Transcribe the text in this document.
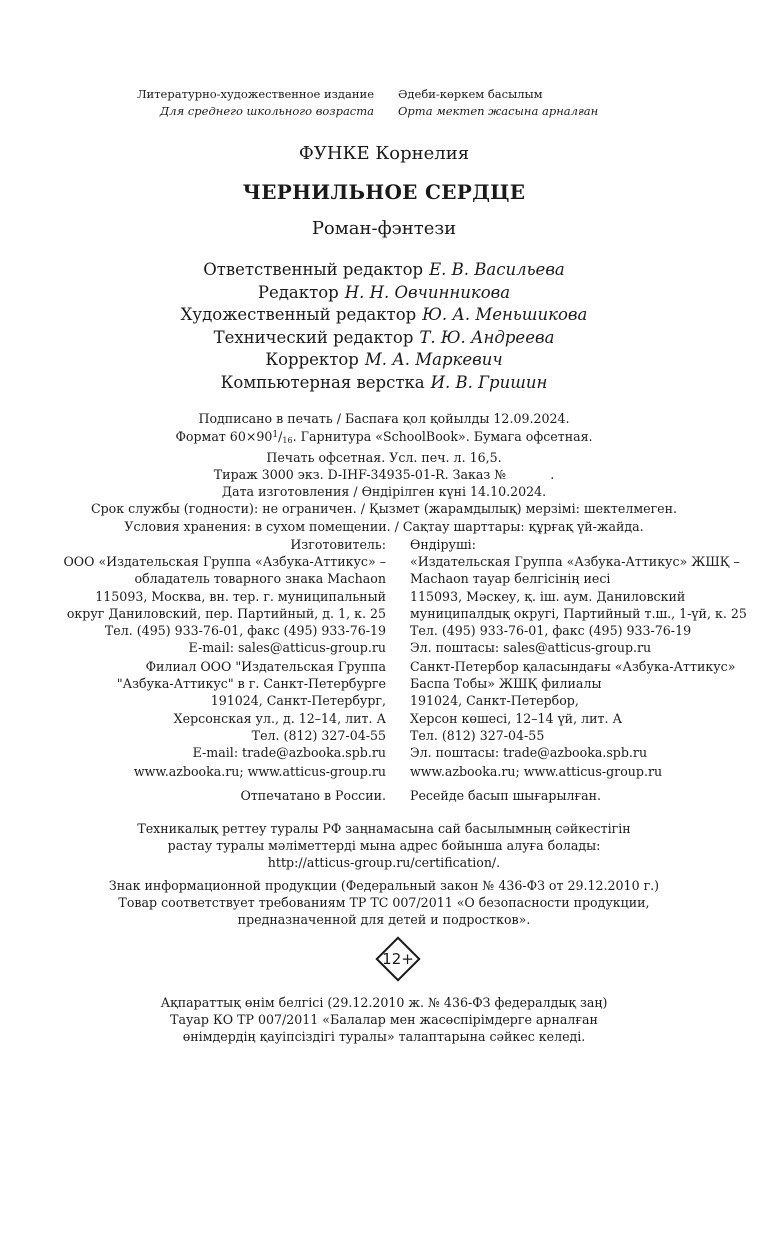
Литературно-художественное издание	Әдеби-көркем басылым
Для среднего школьного возраста	Орта мектеп жасына арналған
ФУНКЕ Корнелия
ЧЕРНИЛЬНОЕ СЕРДЦЕ
Роман-фэнтези
Ответственный редактор Е. В. Васильева
Редактор Н. Н. Овчинникова
Художественный редактор Ю. А. Меньшикова
Технический редактор Т. Ю. Андреева
Корректор М. А. Маркевич
Компьютерная верстка И. В. Гришин
Подписано в печать / Баспаға қол қойылды 12.09.2024.
Формат $60\times 90^1/16$. Гарнитура «SchoolBook». Бумага офсетная.
Печать офсетная. Усл. печ. л. 16,5.
Тираж 3000 экз. D-IHF-34935-01-R. Заказ №           .
Дата изготовления / Өндірілген күні 14.10.2024.
Срок службы (годности): не ограничен. / Қызмет (жарамдылық) мерзімі: шектелмеген.
Условия хранения: в сухом помещении. / Сақтау шарттары: құрғақ үй-жайда.
Изготовитель:
ООО «Издательская Группа «Азбука-Аттикус» –
обладатель товарного знака Machaon
115093, Москва, вн. тер. г. муниципальный
округ Даниловский, пер. Партийный, д. 1, к. 25
Тел. (495) 933-76-01, факс (495) 933-76-19
E-mail: sales@atticus-group.ru
Өндіруші:
«Издательская Группа «Азбука-Аттикус» ЖШҚ –
Machaon тауар белгісінің иесі
115093, Мәскеу, қ. іш. аум. Даниловский
муниципалдық округі, Партийный т.ш., 1-үй, к. 25
Тел. (495) 933-76-01, факс (495) 933-76-19
Эл. поштасы: sales@atticus-group.ru
Филиал ООО "Издательская Группа
"Азбука-Аттикус" в г. Санкт-Петербурге
191024, Санкт-Петербург,
Херсонская ул., д. 12–14, лит. А
Тел. (812) 327-04-55
E-mail: trade@azbooka.spb.ru
Санкт-Петербор қаласындағы «Азбука-Аттикус»
Баспа Тобы» ЖШҚ филиалы
191024, Санкт-Петербор,
Херсон көшесі, 12–14 үй, лит. А
Тел. (812) 327-04-55
Эл. поштасы: trade@azbooka.spb.ru
www.azbooka.ru; www.atticus-group.ru www.azbooka.ru; www.atticus-group.ru
Отпечатано в России. Ресейде басып шығарылған.
Техникалық реттеу туралы РФ заңнамасына сай басылымның сәйкестігін
растау туралы мәліметтерді мына адрес бойынша алуға болады:
http://atticus-group.ru/certification/.
Знак информационной продукции (Федеральный закон № 436-ФЗ от 29.12.2010 г.)
Товар соответствует требованиям ТР ТС 007/2011 «О безопасности продукции,
предназначенной для детей и подростков».
12+
Ақпараттық өнім белгісі (29.12.2010 ж. № 436-ФЗ федералдық заң)
Тауар КО ТР 007/2011 «Балалар мен жасөспірімдерге арналған
өнімдердің қауіпсіздігі туралы» талаптарына сәйкес келеді.
